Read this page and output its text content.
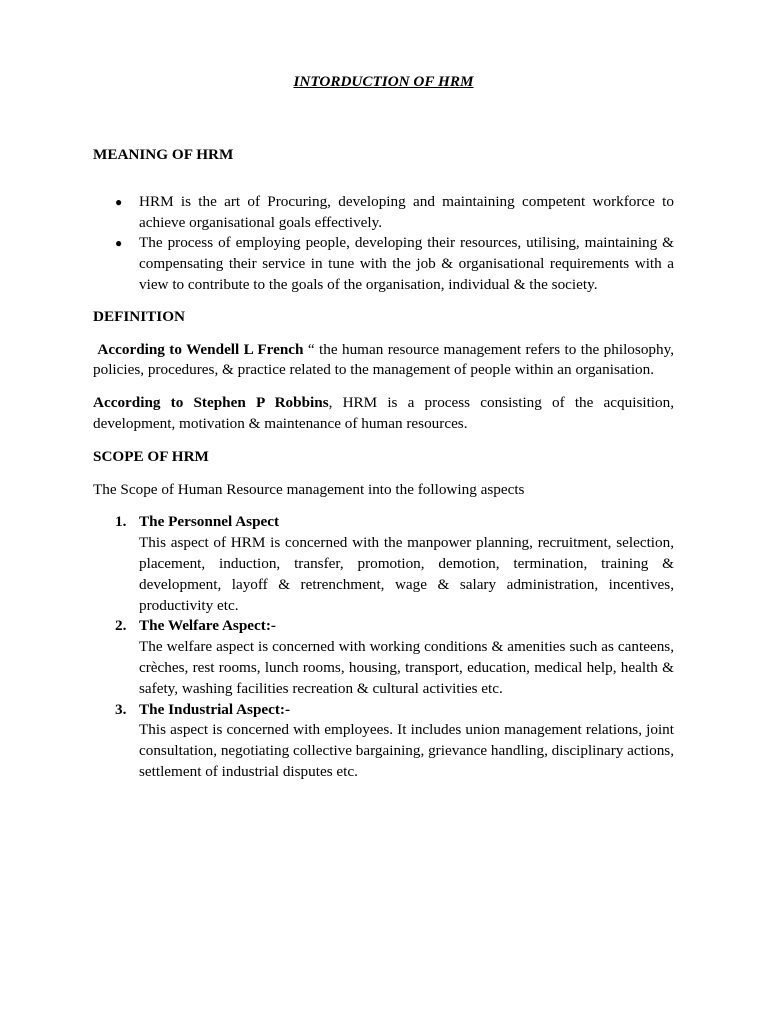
INTORDUCTION OF HRM

MEANING OF HRM

● HRM is the art of Procuring, developing and maintaining competent workforce to achieve organisational goals effectively.
● The process of employing people, developing their resources, utilising, maintaining & compensating their service in tune with the job & organisational requirements with a view to contribute to the goals of the organisation, individual & the society.

DEFINITION

According to Wendell L French “ the human resource management refers to the philosophy, policies, procedures, & practice related to the management of people within an organisation.

According to Stephen P Robbins, HRM is a process consisting of the acquisition, development, motivation & maintenance of human resources.

SCOPE OF HRM

The Scope of Human Resource management into the following aspects

1. The Personnel Aspect
This aspect of HRM is concerned with the manpower planning, recruitment, selection, placement, induction, transfer, promotion, demotion, termination, training & development, layoff & retrenchment, wage & salary administration, incentives, productivity etc.
2. The Welfare Aspect:-
The welfare aspect is concerned with working conditions & amenities such as canteens, crèches, rest rooms, lunch rooms, housing, transport, education, medical help, health & safety, washing facilities recreation & cultural activities etc.
3. The Industrial Aspect:-
This aspect is concerned with employees. It includes union management relations, joint consultation, negotiating collective bargaining, grievance handling, disciplinary actions, settlement of industrial disputes etc.
